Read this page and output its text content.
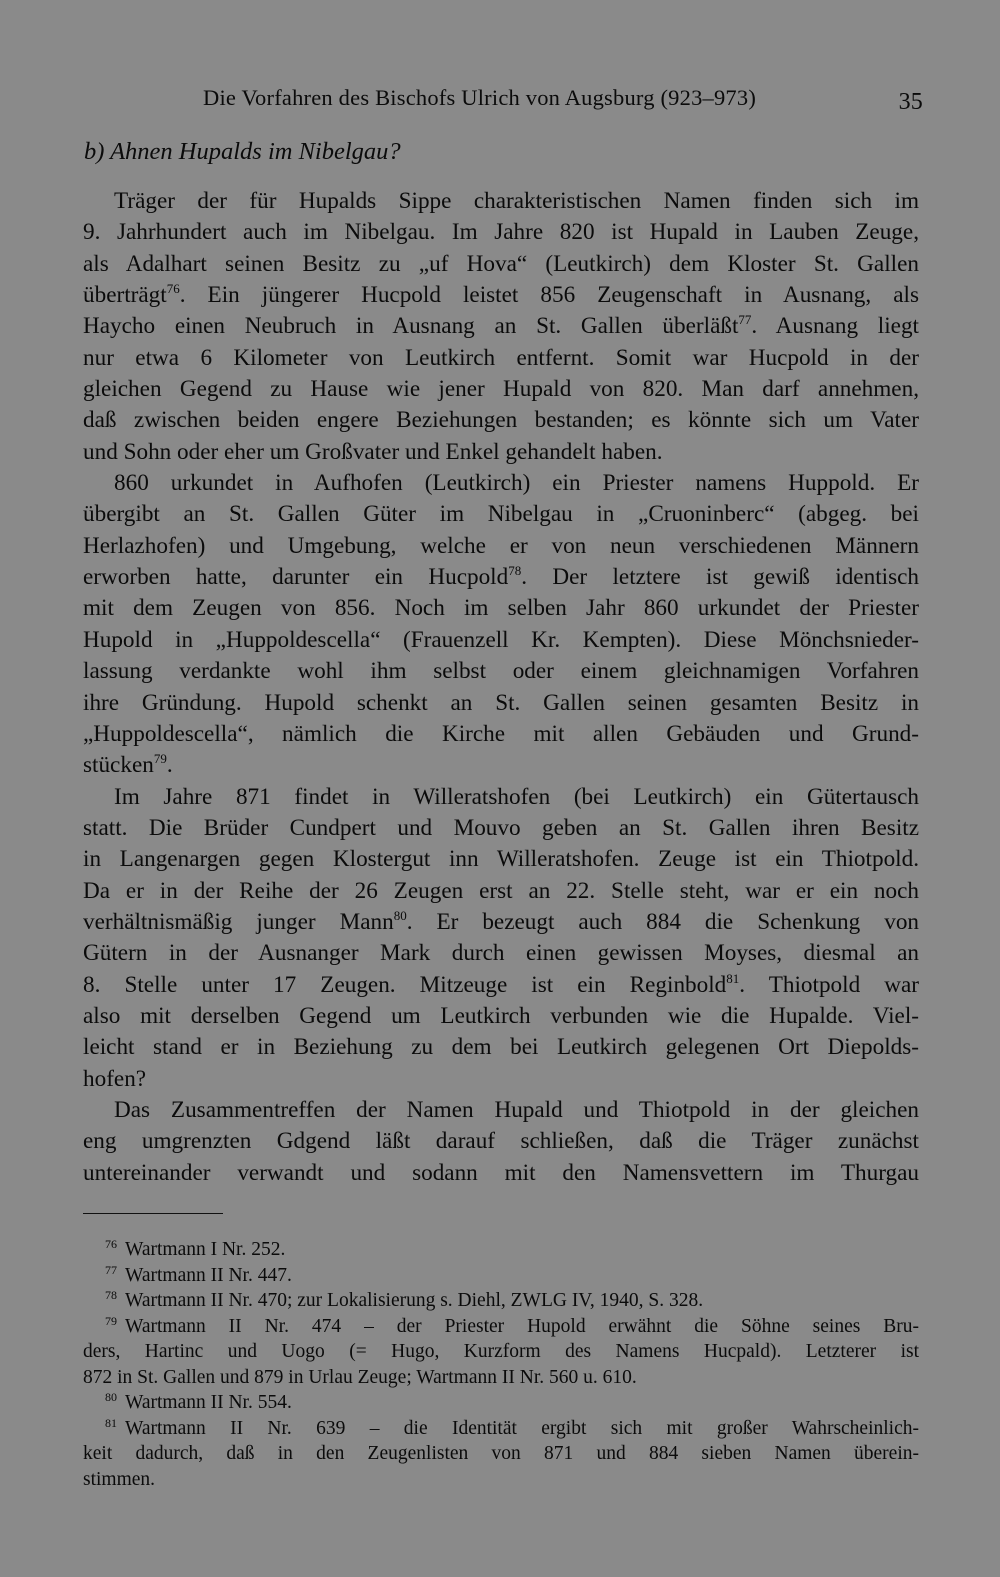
Die Vorfahren des Bischofs Ulrich von Augsburg (923–973)	35
b) Ahnen Hupalds im Nibelgau?
Träger der für Hupalds Sippe charakteristischen Namen finden sich im
9. Jahrhundert auch im Nibelgau. Im Jahre 820 ist Hupald in Lauben Zeuge,
als Adalhart seinen Besitz zu „uf Hova“ (Leutkirch) dem Kloster St. Gallen
überträgt$^{76}$. Ein jüngerer Hucpold leistet 856 Zeugenschaft in Ausnang, als
Haycho einen Neubruch in Ausnang an St. Gallen überläßt$^{77}$. Ausnang liegt
nur etwa 6 Kilometer von Leutkirch entfernt. Somit war Hucpold in der
gleichen Gegend zu Hause wie jener Hupald von 820. Man darf annehmen,
daß zwischen beiden engere Beziehungen bestanden; es könnte sich um Vater
und Sohn oder eher um Großvater und Enkel gehandelt haben.
860 urkundet in Aufhofen (Leutkirch) ein Priester namens Huppold. Er
übergibt an St. Gallen Güter im Nibelgau in „Cruoninberc“ (abgeg. bei
Herlazhofen) und Umgebung, welche er von neun verschiedenen Männern
erworben hatte, darunter ein Hucpold$^{78}$. Der letztere ist gewiß identisch
mit dem Zeugen von 856. Noch im selben Jahr 860 urkundet der Priester
Hupold in „Huppoldescella“ (Frauenzell Kr. Kempten). Diese Mönchsnieder-
lassung verdankte wohl ihm selbst oder einem gleichnamigen Vorfahren
ihre Gründung. Hupold schenkt an St. Gallen seinen gesamten Besitz in
„Huppoldescella“, nämlich die Kirche mit allen Gebäuden und Grund-
stücken$^{79}$.
Im Jahre 871 findet in Willeratshofen (bei Leutkirch) ein Gütertausch
statt. Die Brüder Cundpert und Mouvo geben an St. Gallen ihren Besitz
in Langenargen gegen Klostergut inn Willeratshofen. Zeuge ist ein Thiotpold.
Da er in der Reihe der 26 Zeugen erst an 22. Stelle steht, war er ein noch
verhältnismäßig junger Mann$^{80}$. Er bezeugt auch 884 die Schenkung von
Gütern in der Ausnanger Mark durch einen gewissen Moyses, diesmal an
8. Stelle unter 17 Zeugen. Mitzeuge ist ein Reginbold$^{81}$. Thiotpold war
also mit derselben Gegend um Leutkirch verbunden wie die Hupalde. Viel-
leicht stand er in Beziehung zu dem bei Leutkirch gelegenen Ort Diepolds-
hofen?
Das Zusammentreffen der Namen Hupald und Thiotpold in der gleichen
eng umgrenzten Gdgend läßt darauf schließen, daß die Träger zunächst
untereinander verwandt und sodann mit den Namensvettern im Thurgau
$^{76}$ Wartmann I Nr. 252.
$^{77}$ Wartmann II Nr. 447.
$^{78}$ Wartmann II Nr. 470; zur Lokalisierung s. Diehl, ZWLG IV, 1940, S. 328.
$^{79}$ Wartmann II Nr. 474 – der Priester Hupold erwähnt die Söhne seines Bru-
ders, Hartinc und Uogo (= Hugo, Kurzform des Namens Hucpald). Letzterer ist
872 in St. Gallen und 879 in Urlau Zeuge; Wartmann II Nr. 560 u. 610.
$^{80}$ Wartmann II Nr. 554.
$^{81}$ Wartmann II Nr. 639 – die Identität ergibt sich mit großer Wahrscheinlich-
keit dadurch, daß in den Zeugenlisten von 871 und 884 sieben Namen überein-
stimmen.
